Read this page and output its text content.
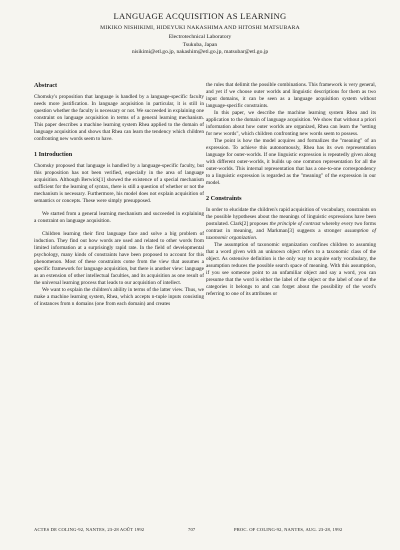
LANGUAGE ACQUISITION AS LEARNING
MIKIKO NISHIKIMI, HIDEYUKI NAKASHIMA AND HITOSHI MATSUBARA
Electrotechnical Laboratory
Tsukuba, Japan
nisikimi@etl.go.jp, nakashim@etl.go.jp, matsubar@etl.go.jp
Abstract

Chomsky's proposition that language is handled by a language-specific faculty needs more justification. In language acquisition in particular, it is still in question whether the faculty is necessary or not. We succeeded in explaining one constraint on language acquisition in terms of a general learning mechanism. This paper describes a machine learning system Rhea applied to the domain of language acquisition and shows that Rhea can learn the tendency which children confronting new words seem to have.

1 Introduction

Chomsky proposed that language is handled by a language-specific faculty, but this proposition has not been verified, especially in the area of language acquisition. Although Berwick[1] showed the existence of a special mechanism sufficient for the learning of syntax, there is still a question of whether or not the mechanism is necessary. Furthermore, his model does not explain acquisition of semantics or concepts. These were simply presupposed.

We started from a general learning mechanism and succeeded in explaining a constraint on language acquisition.

Children learning their first language face and solve a big problem of induction. They find out how words are used and related to other words from limited information at a surprisingly rapid rate. In the field of developmental psychology, many kinds of constraints have been proposed to account for this phenomenon. Most of these constraints come from the view that assumes a specific framework for language acquisition, but there is another view: language as an extension of other intellectual faculties, and its acquisition as one result of the universal learning process that leads to our acquisition of intellect.

We want to explain the children's ability in terms of the latter view. Thus, we make a machine learning system, Rhea, which accepts n-tuple inputs consisting of instances from n domains (one from each domain) and creates

the rules that delimit the possible combinations. This framework is very general, and yet if we choose outer worlds and linguistic descriptions for them as two input domains, it can be seen as a language acquisition system without language-specific constraints.

In this paper, we describe the machine learning system Rhea and its application to the domain of language acquisition. We show that without a priori information about how outer worlds are organized, Rhea can learn the "setting for new words", which children confronting new words seem to possess.

The point is how the model acquires and formalizes the "meaning" of an expression. To achieve this autonomously, Rhea has its own representation language for outer-worlds. If one linguistic expression is repeatedly given along with different outer-worlds, it builds up one common representation for all the outer-worlds. This internal representation that has a one-to-one correspondency to a linguistic expression is regarded as the "meaning" of the expression in our model.

2 Constraints

In order to elucidate the children's rapid acquisition of vocabulary, constraints on the possible hypotheses about the meanings of linguistic expressions have been postulated. Clark[2] proposes the principle of contrast whereby every two forms contrast in meaning, and Markman[3] suggests a stronger assumption of taxonomic organization.

The assumption of taxonomic organization confines children to assuming that a word given with an unknown object refers to a taxonomic class of the object. As ostensive definition is the only way to acquire early vocabulary, the assumption reduces the possible search space of meaning. With this assumption, if you see someone point to an unfamiliar object and say a word, you can presume that the word is either the label of the object or the label of one of the categories it belongs to and can forget about the possibility of the word's referring to one of its attributes or

ACTES DE COLING-92, NANTES, 23-28 AOÛT 1992	707	PROC. OF COLING-92, NANTES, AUG. 23-28, 1992
